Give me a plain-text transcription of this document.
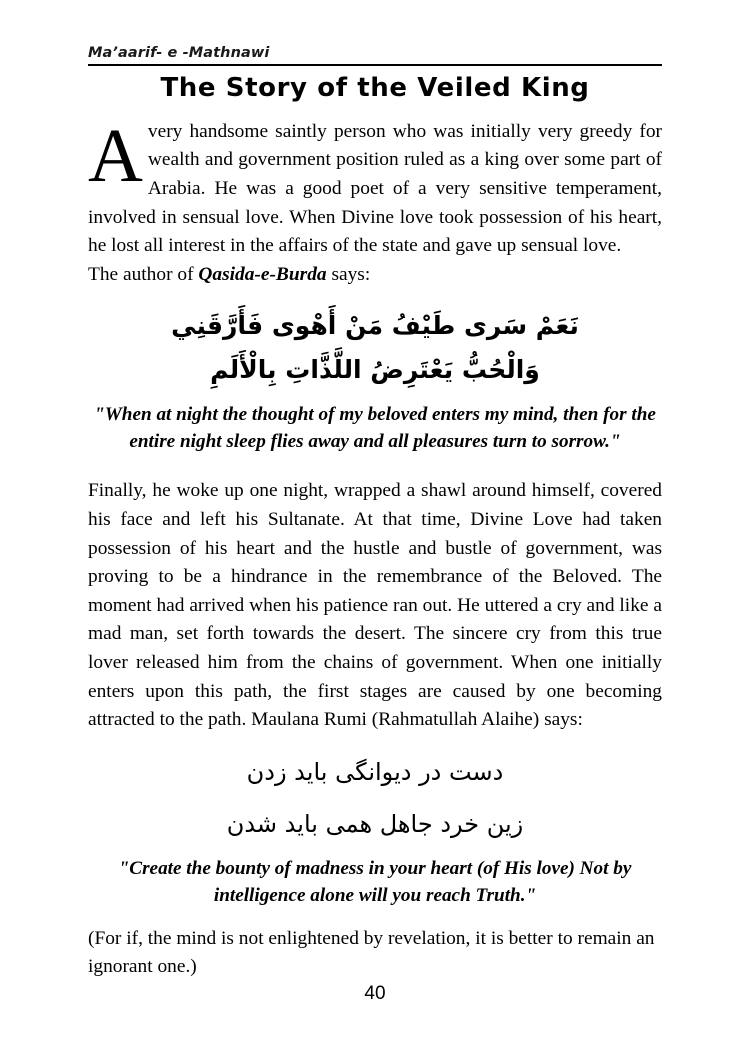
Ma’aarif- e -Mathnawi
The Story of the Veiled King

Avery handsome saintly person who was initially very greedy for wealth and government position ruled as a king over some part of Arabia. He was a good poet of a very sensitive temperament, involved in sensual love. When Divine love took possession of his heart, he lost all interest in the affairs of the state and gave up sensual love.

The author of Qasida-e-Burda says:

نَعَمْ سَرى طَيْفُ مَنْ أَهْوى فَأَرَّقَنِي
وَالْحُبُّ يَعْتَرِضُ اللَّذَّاتِ بِالْأَلَمِ

"When at night the thought of my beloved enters my mind, then for the entire night sleep flies away and all pleasures turn to sorrow."

Finally, he woke up one night, wrapped a shawl around himself, covered his face and left his Sultanate. At that time, Divine Love had taken possession of his heart and the hustle and bustle of government, was proving to be a hindrance in the remembrance of the Beloved. The moment had arrived when his patience ran out. He uttered a cry and like a mad man, set forth towards the desert. The sincere cry from this true lover released him from the chains of government. When one initially enters upon this path, the first stages are caused by one becoming attracted to the path. Maulana Rumi (Rahmatullah Alaihe) says:

دست در دیوانگی باید زدن
زین خرد جاهل همی باید شدن

"Create the bounty of madness in your heart (of His love) Not by intelligence alone will you reach Truth."

(For if, the mind is not enlightened by revelation, it is better to remain an ignorant one.)

40
